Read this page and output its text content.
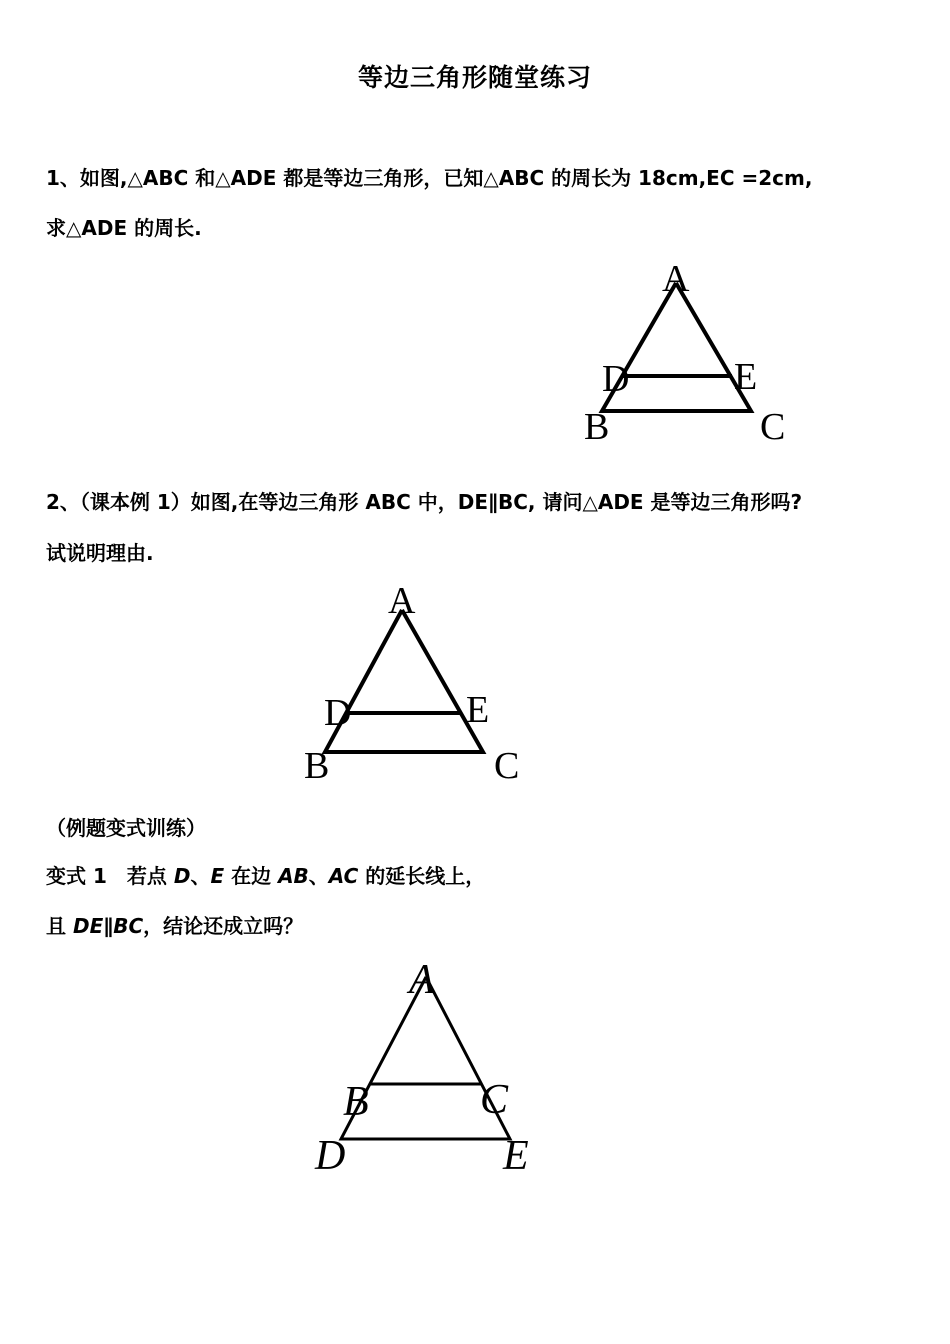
等边三角形随堂练习
1、如图,△ABC 和△ADE 都是等边三角形，已知△ABC 的周长为 18cm,EC =2cm,
求△ADE 的周长.
A
D	E
B	C
2、（课本例 1）如图,在等边三角形 ABC 中，DE∥BC, 请问△ADE 是等边三角形吗?
试说明理由.
A
D	E
B	C
（例题变式训练）
变式 1　若点 D、E 在边 AB、AC 的延长线上，
且 DE∥BC，结论还成立吗？
A
B	C
D	E
